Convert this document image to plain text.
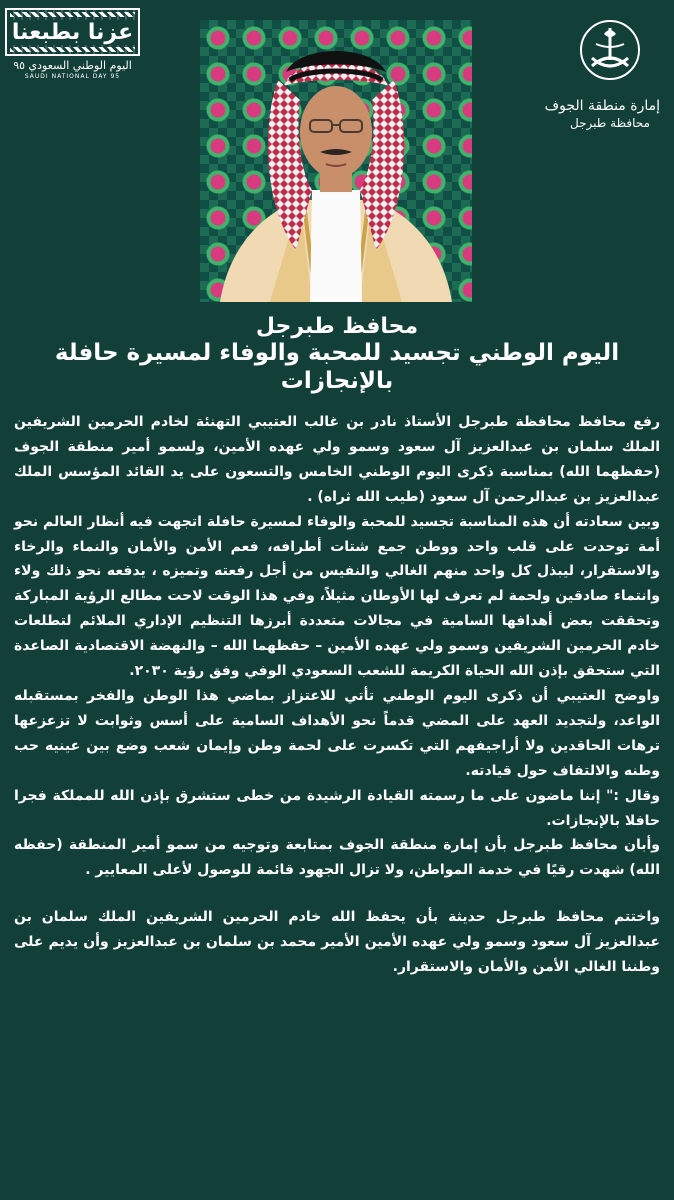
عزنا بطبعنا
اليوم الوطني السعودي ٩٥
SAUDI NATIONAL DAY 95
إمارة منطقة الجوف
محافظة طبرجل
محافظ طبرجل
اليوم الوطني تجسيد للمحبة والوفاء لمسيرة حافلة
بالإنجازات

رفع محافظ محافظة طبرجل الأستاذ نادر بن غالب العتيبي التهنئة لخادم الحرمين الشريفين الملك سلمان بن عبدالعزيز آل سعود وسمو ولي عهده الأمين، ولسمو أمير منطقة الجوف (حفظهما الله) بمناسبة ذكرى اليوم الوطني الخامس والتسعون على يد القائد المؤسس الملك عبدالعزيز بن عبدالرحمن آل سعود (طيب الله ثراه) .

وبين سعادته أن هذه المناسبة تجسيد للمحبة والوفاء لمسيرة حافلة اتجهت فيه أنظار العالم نحو أمة توحدت على قلب واحد ووطن جمع شتات أطرافه، فعم الأمن والأمان والنماء والرخاء والاستقرار، ليبذل كل واحد منهم الغالي والنفيس من أجل رفعته وتميزه ، يدفعه نحو ذلك ولاء وانتماء صادقين ولحمة لم تعرف لها الأوطان مثيلاً، وفي هذا الوقت لاحت مطالع الرؤية المباركة وتحققت بعض أهدافها السامية في مجالات متعددة أبرزها التنظيم الإداري الملائم لتطلعات خادم الحرمين الشريفين وسمو ولي عهده الأمين – حفظهما الله – والنهضة الاقتصادية الصاعدة التي ستحقق بإذن الله الحياة الكريمة للشعب السعودي الوفي وفق رؤية ٢٠٣٠.

واوضح العتيبي أن ذكرى اليوم الوطني تأتي للاعتزاز بماضي هذا الوطن والفخر بمستقبله الواعد، ولتجديد العهد على المضي قدماً نحو الأهداف السامية على أسس وثوابت لا تزعزعها ترهات الحاقدين ولا أراجيفهم التي تكسرت على لحمة وطن وإيمان شعب وضع بين عينيه حب وطنه والالتفاف حول قيادته.

وقال :" إننا ماضون على ما رسمته القيادة الرشيدة من خطى ستشرق بإذن الله للمملكة فجرا حافلا بالإنجازات.

وأبان محافظ طبرجل بأن إمارة منطقة الجوف بمتابعة وتوجيه من سمو أمير المنطقة (حفظه الله) شهدت رقيًا في خدمة المواطن، ولا تزال الجهود قائمة للوصول لأعلى المعايير .

واختتم محافظ طبرجل حديثة بأن يحفظ الله خادم الحرمين الشريفين الملك سلمان بن عبدالعزيز آل سعود وسمو ولي عهده الأمين الأمير محمد بن سلمان بن عبدالعزيز وأن يديم على وطننا الغالي الأمن والأمان والاستقرار.
